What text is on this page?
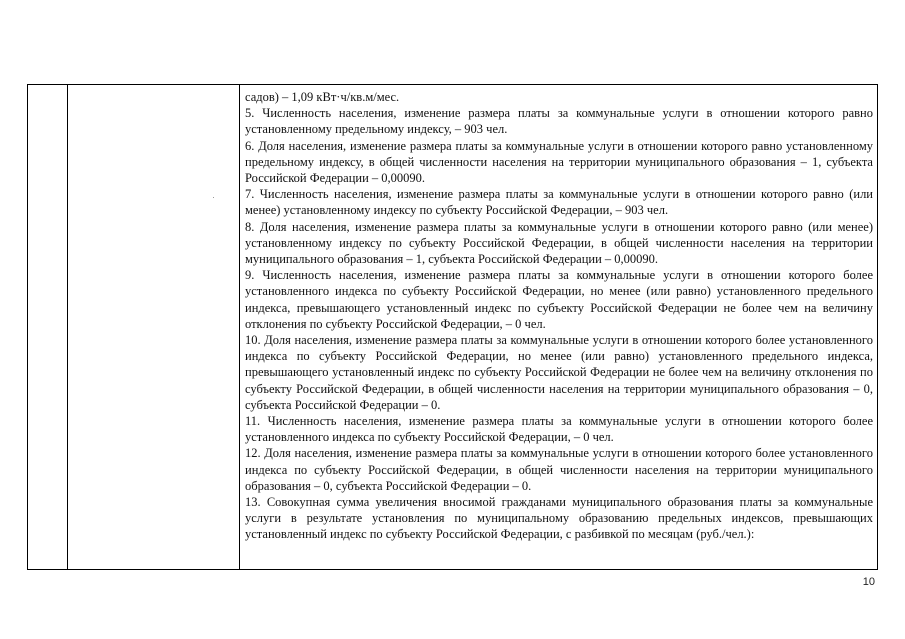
садов) – 1,09 кВт·ч/кв.м/мес.

5. Численность населения, изменение размера платы за коммунальные услуги в отношении которого равно установленному предельному индексу, – 903 чел.

6. Доля населения, изменение размера платы за коммунальные услуги в отношении которого равно установленному предельному индексу, в общей численности населения на территории муниципального образования – 1, субъекта Российской Федерации – 0,00090.

7. Численность населения, изменение размера платы за коммунальные услуги в отношении которого равно (или менее) установленному индексу по субъекту Российской Федерации, – 903 чел.

8. Доля населения, изменение размера платы за коммунальные услуги в отношении которого равно (или менее) установленному индексу по субъекту Российской Федерации, в общей численности населения на территории муниципального образования – 1, субъекта Российской Федерации – 0,00090.

9. Численность населения, изменение размера платы за коммунальные услуги в отношении которого более установленного индекса по субъекту Российской Федерации, но менее (или равно) установленного предельного индекса, превышающего установленный индекс по субъекту Российской Федерации не более чем на величину отклонения по субъекту Российской Федерации, – 0 чел.

10. Доля населения, изменение размера платы за коммунальные услуги в отношении которого более установленного индекса по субъекту Российской Федерации, но менее (или равно) установленного предельного индекса, превышающего установленный индекс по субъекту Российской Федерации не более чем на величину отклонения по субъекту Российской Федерации, в общей численности населения на территории муниципального образования – 0, субъекта Российской Федерации – 0.

11. Численность населения, изменение размера платы за коммунальные услуги в отношении которого более установленного индекса по субъекту Российской Федерации, – 0 чел.

12. Доля населения, изменение размера платы за коммунальные услуги в отношении которого более установленного индекса по субъекту Российской Федерации, в общей численности населения на территории муниципального образования – 0, субъекта Российской Федерации – 0.

13. Совокупная сумма увеличения вносимой гражданами муниципального образования платы за коммунальные услуги в результате установления по муниципальному образованию предельных индексов, превышающих установленный индекс по субъекту Российской Федерации, с разбивкой по месяцам (руб./чел.):

10
